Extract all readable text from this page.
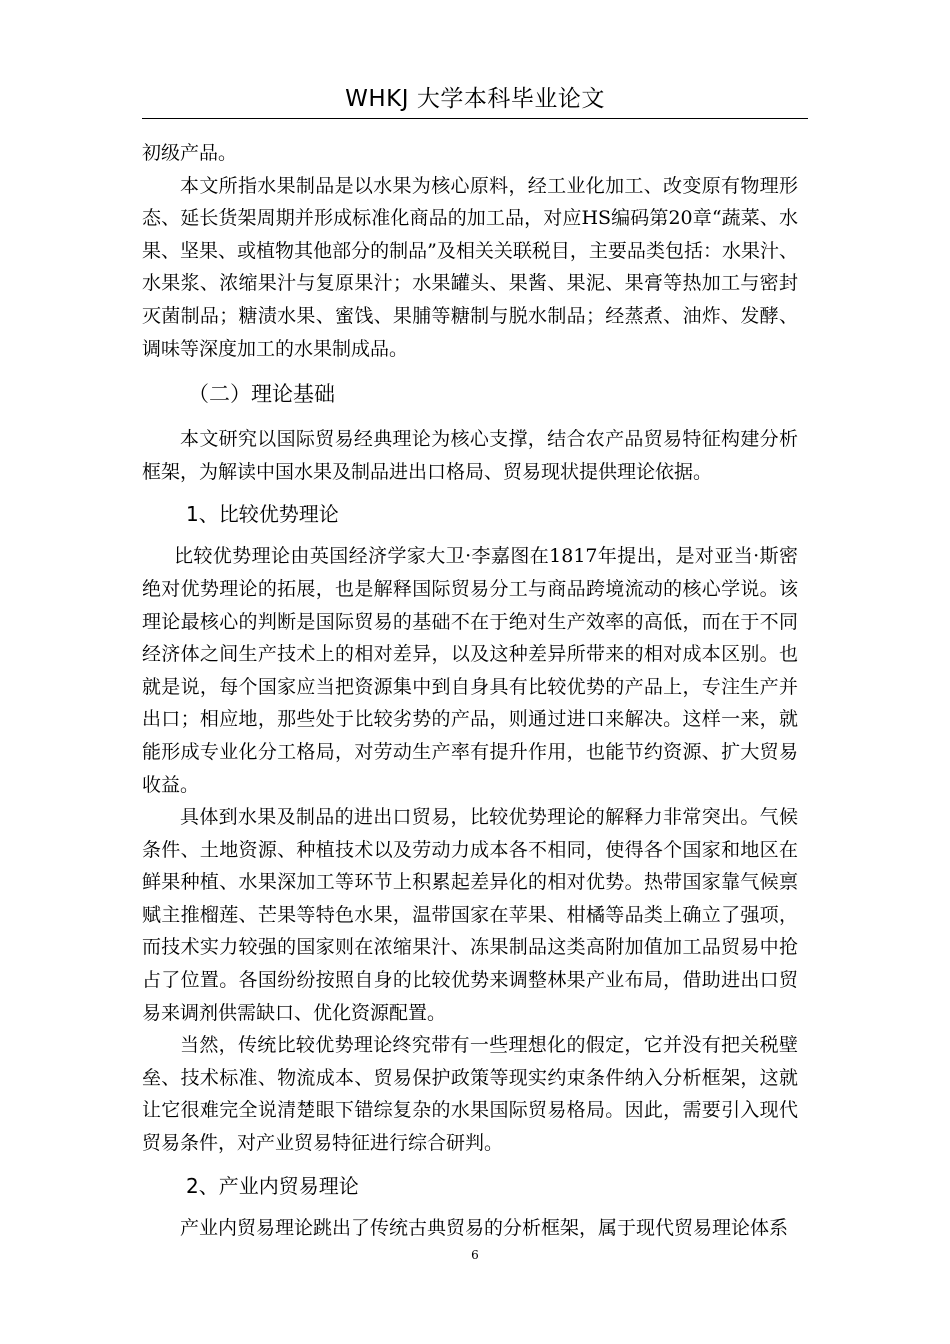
WHKJ 大学本科毕业论文

初级产品。

本文所指水果制品是以水果为核心原料，经工业化加工、改变原有物理形态、延长货架周期并形成标准化商品的加工品，对应HS编码第20章“蔬菜、水果、坚果、或植物其他部分的制品”及相关关联税目，主要品类包括：水果汁、水果浆、浓缩果汁与复原果汁；水果罐头、果酱、果泥、果膏等热加工与密封灭菌制品；糖渍水果、蜜饯、果脯等糖制与脱水制品；经蒸煮、油炸、发酵、调味等深度加工的水果制成品。

（二）理论基础

本文研究以国际贸易经典理论为核心支撑，结合农产品贸易特征构建分析框架，为解读中国水果及制品进出口格局、贸易现状提供理论依据。

1、比较优势理论

比较优势理论由英国经济学家大卫·李嘉图在1817年提出，是对亚当·斯密绝对优势理论的拓展，也是解释国际贸易分工与商品跨境流动的核心学说。该理论最核心的判断是国际贸易的基础不在于绝对生产效率的高低，而在于不同经济体之间生产技术上的相对差异，以及这种差异所带来的相对成本区别。也就是说，每个国家应当把资源集中到自身具有比较优势的产品上，专注生产并出口；相应地，那些处于比较劣势的产品，则通过进口来解决。这样一来，就能形成专业化分工格局，对劳动生产率有提升作用，也能节约资源、扩大贸易收益。

具体到水果及制品的进出口贸易，比较优势理论的解释力非常突出。气候条件、土地资源、种植技术以及劳动力成本各不相同，使得各个国家和地区在鲜果种植、水果深加工等环节上积累起差异化的相对优势。热带国家靠气候禀赋主推榴莲、芒果等特色水果，温带国家在苹果、柑橘等品类上确立了强项，而技术实力较强的国家则在浓缩果汁、冻果制品这类高附加值加工品贸易中抢占了位置。各国纷纷按照自身的比较优势来调整林果产业布局，借助进出口贸易来调剂供需缺口、优化资源配置。

当然，传统比较优势理论终究带有一些理想化的假定，它并没有把关税壁垒、技术标准、物流成本、贸易保护政策等现实约束条件纳入分析框架，这就让它很难完全说清楚眼下错综复杂的水果国际贸易格局。因此，需要引入现代贸易条件，对产业贸易特征进行综合研判。

2、产业内贸易理论

产业内贸易理论跳出了传统古典贸易的分析框架，属于现代贸易理论体系

6
